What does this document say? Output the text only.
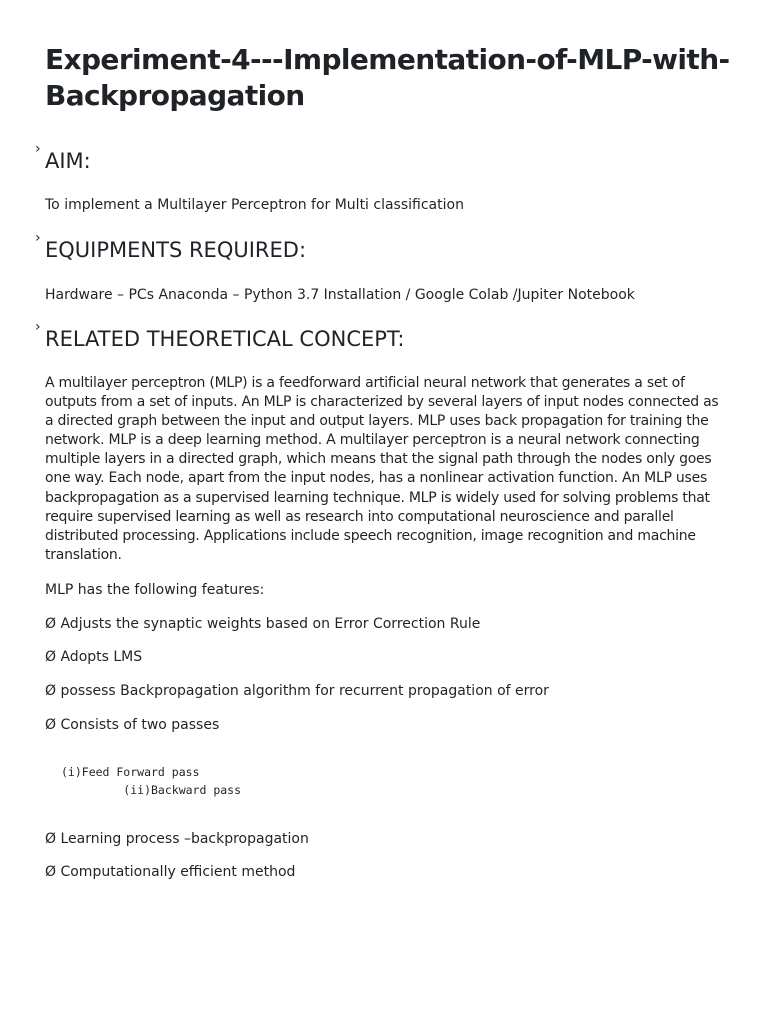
Experiment-4---Implementation-of-MLP-with-Backpropagation
› AIM:

To implement a Multilayer Perceptron for Multi classification

› EQUIPMENTS REQUIRED:

Hardware – PCs Anaconda – Python 3.7 Installation / Google Colab /Jupiter Notebook

› RELATED THEORETICAL CONCEPT:
A multilayer perceptron (MLP) is a feedforward artificial neural network that generates a set of
outputs from a set of inputs. An MLP is characterized by several layers of input nodes connected as
a directed graph between the input and output layers. MLP uses back propagation for training the
network. MLP is a deep learning method. A multilayer perceptron is a neural network connecting
multiple layers in a directed graph, which means that the signal path through the nodes only goes
one way. Each node, apart from the input nodes, has a nonlinear activation function. An MLP uses
backpropagation as a supervised learning technique. MLP is widely used for solving problems that
require supervised learning as well as research into computational neuroscience and parallel
distributed processing. Applications include speech recognition, image recognition and machine
translation.

MLP has the following features:

Ø Adjusts the synaptic weights based on Error Correction Rule

Ø Adopts LMS

Ø possess Backpropagation algorithm for recurrent propagation of error

Ø Consists of two passes

(i)Feed Forward pass
(ii)Backward pass

Ø Learning process –backpropagation

Ø Computationally efficient method
